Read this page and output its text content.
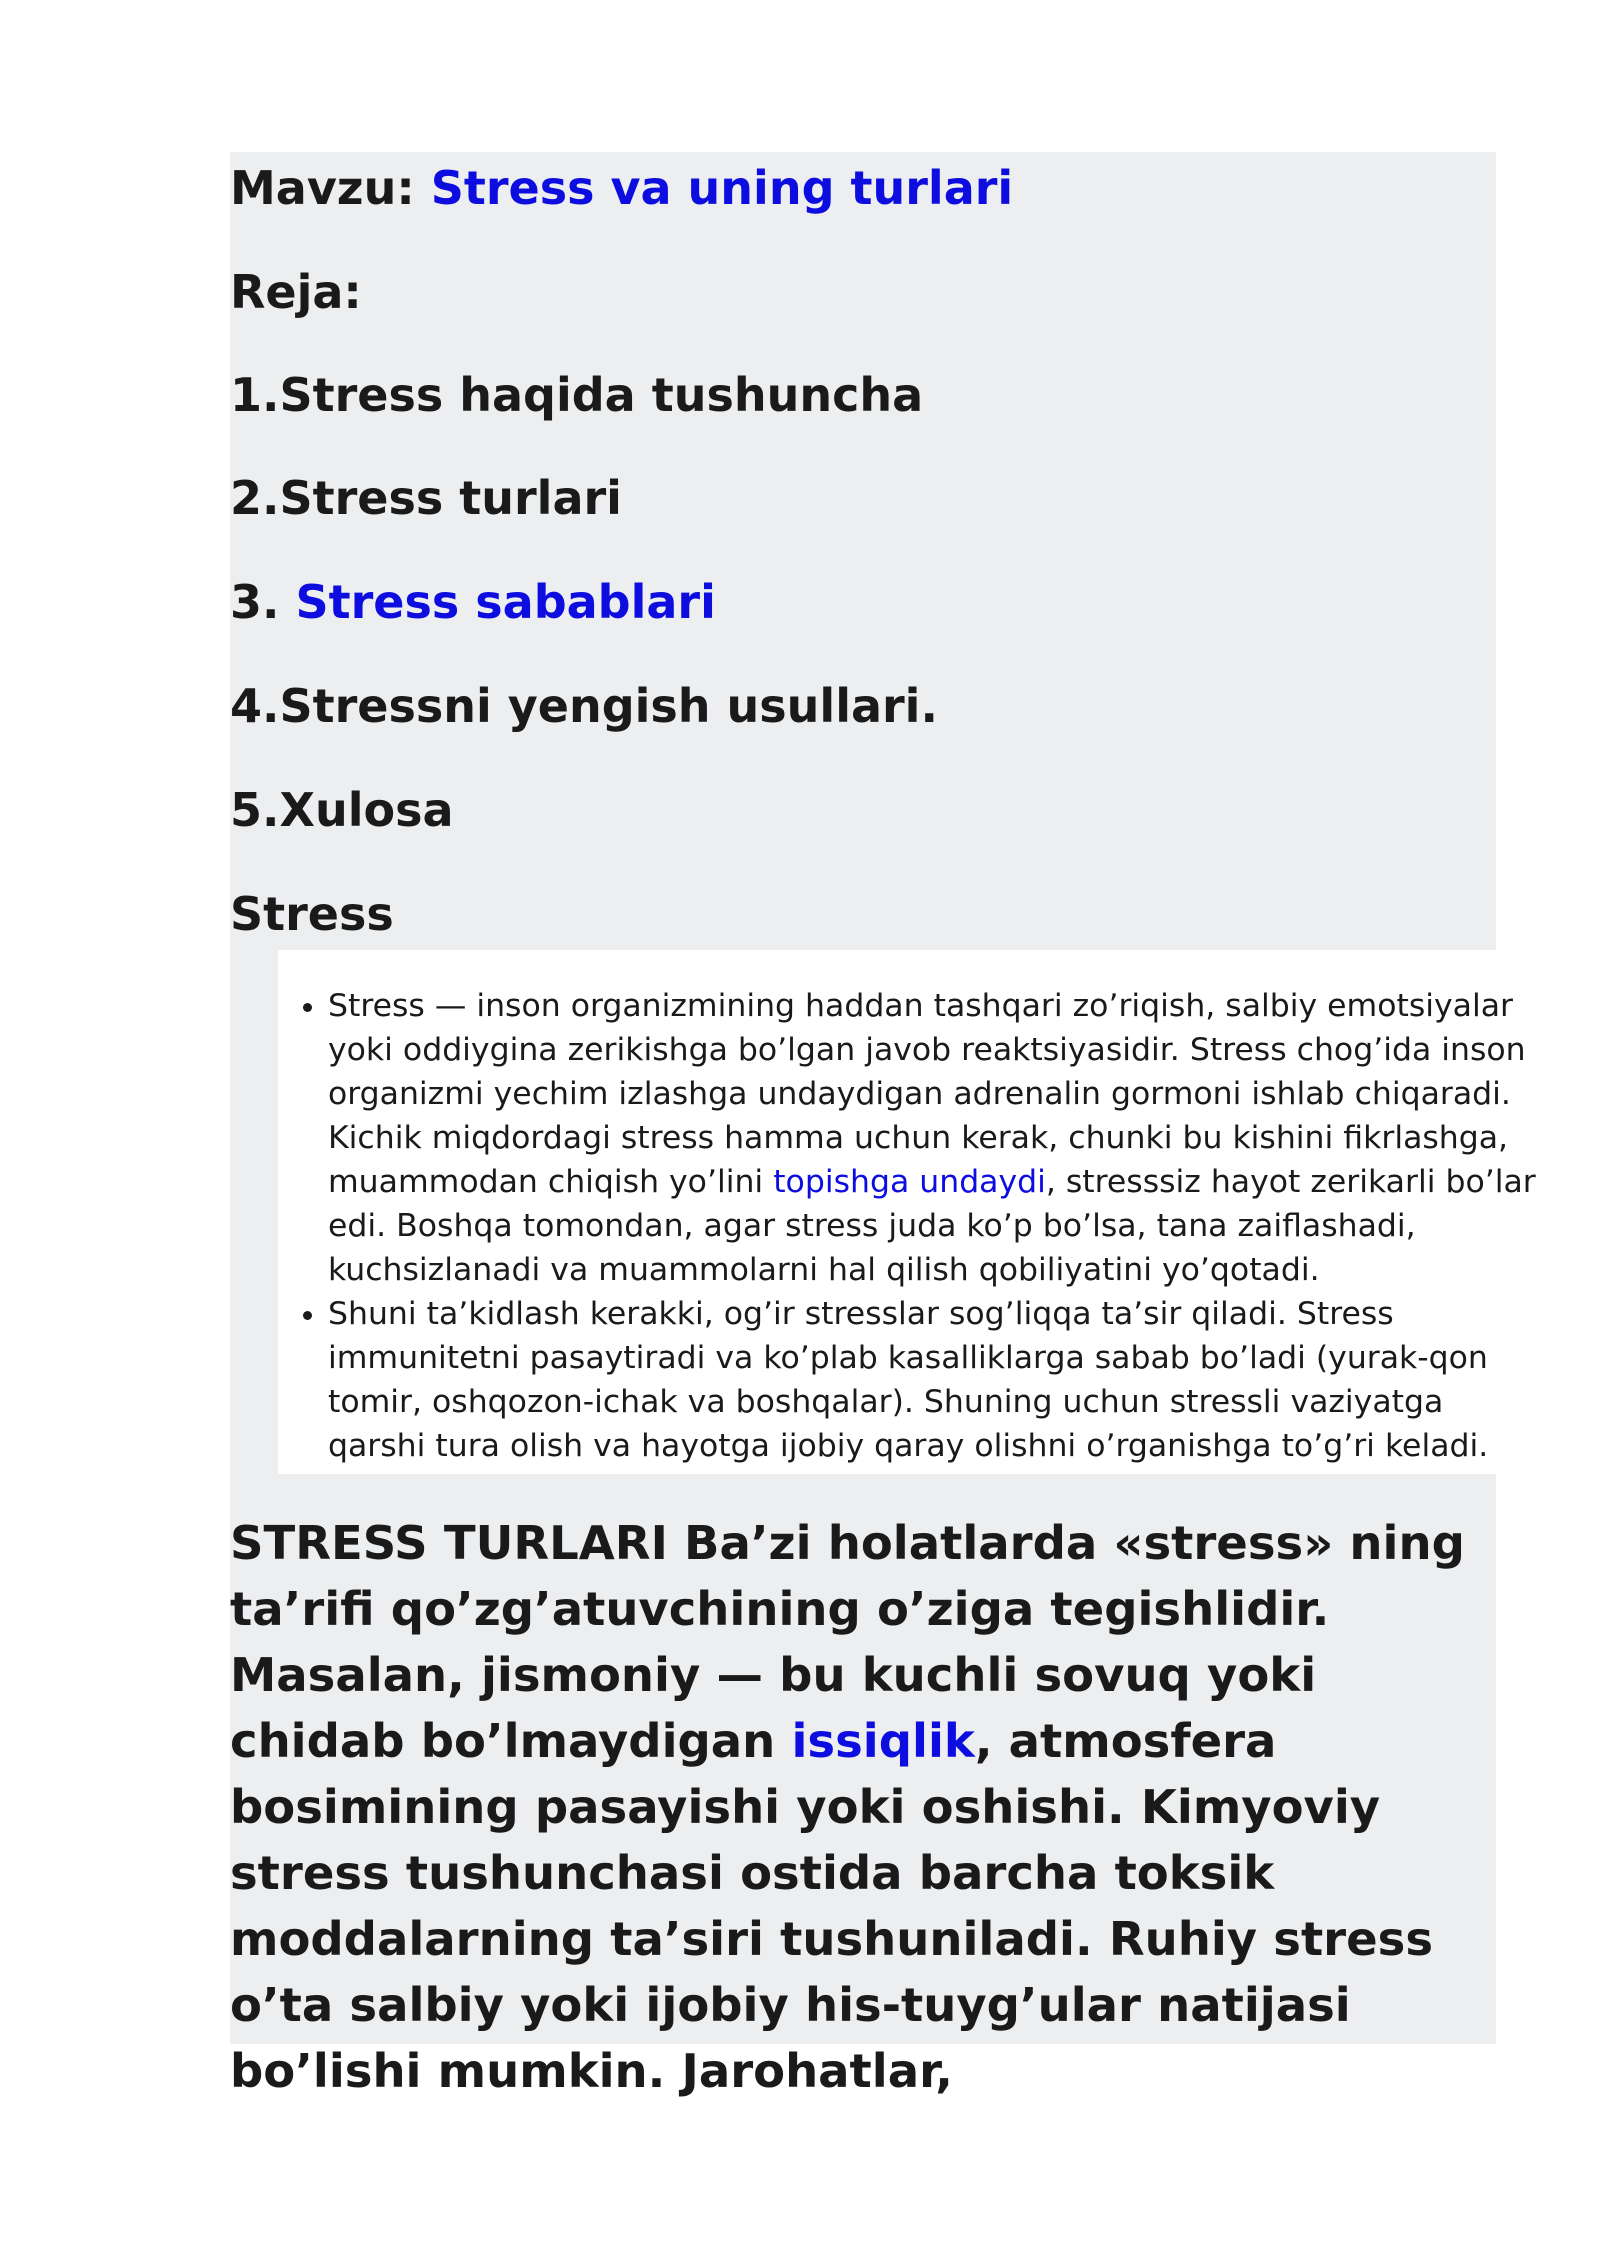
Mavzu: Stress va uning turlari
Reja:
1.Stress haqida tushuncha
2.Stress turlari
3. Stress sabablari
4.Stressni yengish usullari.
5.Xulosa
Stress
• Stress — inson organizmining haddan tashqari zo’riqish, salbiy emotsiyalar yoki oddiygina zerikishga bo’lgan javob reaktsiyasidir. Stress chog’ida inson organizmi yechim izlashga undaydigan adrenalin gormoni ishlab chiqaradi. Kichik miqdordagi stress hamma uchun kerak, chunki bu kishini fikrlashga, muammodan chiqish yo’lini topishga undaydi, stresssiz hayot zerikarli bo’lar edi. Boshqa tomondan, agar stress juda ko’p bo’lsa, tana zaiflashadi, kuchsizlanadi va muammolarni hal qilish qobiliyatini yo’qotadi.
• Shuni ta’kidlash kerakki, og’ir stresslar sog’liqqa ta’sir qiladi. Stress immunitetni pasaytiradi va ko’plab kasalliklarga sabab bo’ladi (yurak-qon tomir, oshqozon-ichak va boshqalar). Shuning uchun stressli vaziyatga qarshi tura olish va hayotga ijobiy qaray olishni o’rganishga to’g’ri keladi.

STRESS TURLARI Ba’zi holatlarda «stress» ning ta’rifi qo’zg’atuvchining o’ziga tegishlidir. Masalan, jismoniy — bu kuchli sovuq yoki chidab bo’lmaydigan issiqlik, atmosfera bosimining pasayishi yoki oshishi. Kimyoviy stress tushunchasi ostida barcha toksik moddalarning ta’siri tushuniladi. Ruhiy stress o’ta salbiy yoki ijobiy his-tuyg’ular natijasi bo’lishi mumkin. Jarohatlar,
